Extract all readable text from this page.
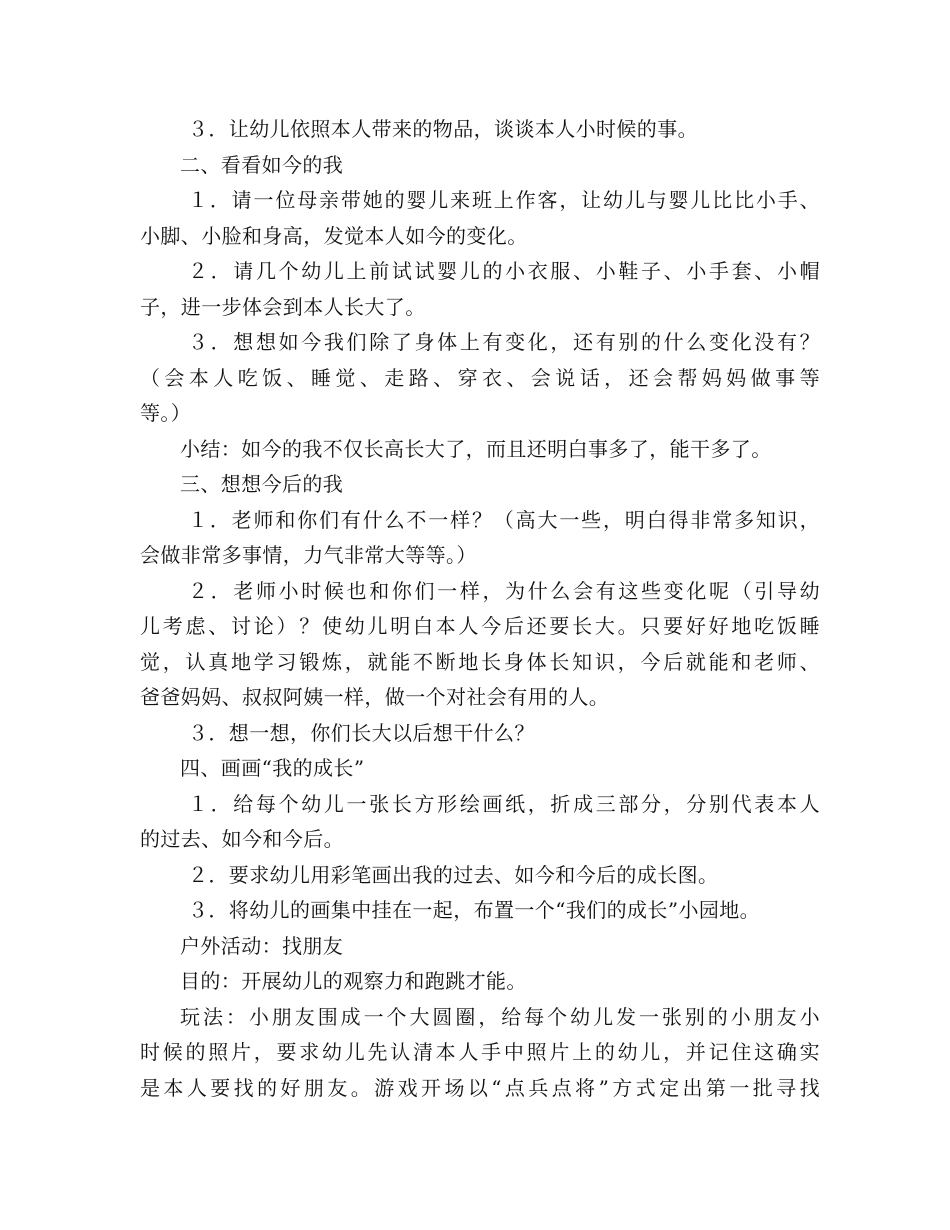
３．让幼儿依照本人带来的物品，谈谈本人小时候的事。
二、看看如今的我
１．请一位母亲带她的婴儿来班上作客，让幼儿与婴儿比比小手、
小脚、小脸和身高，发觉本人如今的变化。
２．请几个幼儿上前试试婴儿的小衣服、小鞋子、小手套、小帽
子，进一步体会到本人长大了。
３．想想如今我们除了身体上有变化，还有别的什么变化没有？
（会本人吃饭、睡觉、走路、穿衣、会说话，还会帮妈妈做事等
等。）
小结：如今的我不仅长高长大了，而且还明白事多了，能干多了。
三、想想今后的我
１．老师和你们有什么不一样？（高大一些，明白得非常多知识，
会做非常多事情，力气非常大等等。）
２．老师小时候也和你们一样，为什么会有这些变化呢（引导幼
儿考虑、讨论）？使幼儿明白本人今后还要长大。只要好好地吃饭睡
觉，认真地学习锻炼，就能不断地长身体长知识，今后就能和老师、
爸爸妈妈、叔叔阿姨一样，做一个对社会有用的人。
３．想一想，你们长大以后想干什么？
四、画画“我的成长”
１．给每个幼儿一张长方形绘画纸，折成三部分，分别代表本人
的过去、如今和今后。
２．要求幼儿用彩笔画出我的过去、如今和今后的成长图。
３．将幼儿的画集中挂在一起，布置一个“我们的成长”小园地。
户外活动：找朋友
目的：开展幼儿的观察力和跑跳才能。
玩法：小朋友围成一个大圆圈，给每个幼儿发一张别的小朋友小
时候的照片，要求幼儿先认清本人手中照片上的幼儿，并记住这确实
是本人要找的好朋友。游戏开场以“点兵点将”方式定出第一批寻找
